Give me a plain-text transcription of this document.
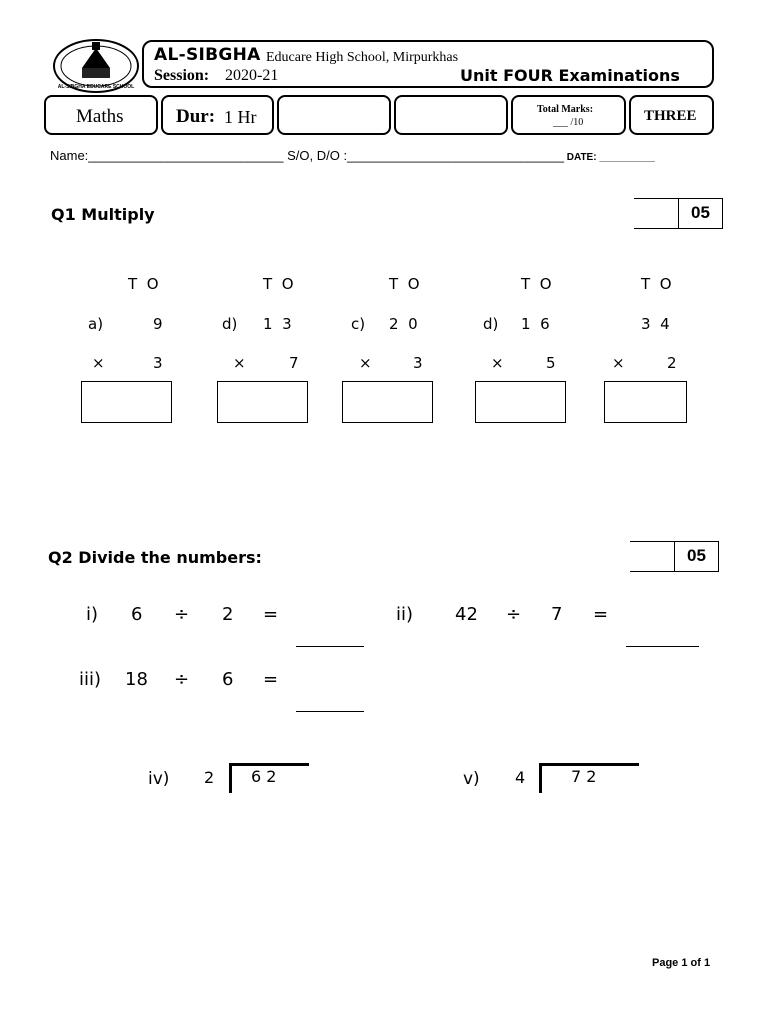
AL-SIBGHA EDUCARE SCHOOL
AL-SIBGHA Educare High School, Mirpurkhas
Session: 2020-21	Unit FOUR Examinations
Maths	Dur: 1 Hr	Total Marks:
___ /10	THREE
Name:___________________________ S/O, D/O :______________________________ DATE: __________
Q1 Multiply	05
T  O
a)	9
×	3
T  O
d) 1  3
×	7
T  O
c) 2  0
×	3
T  O
d) 1  6
×	5
T  O
3  4
×	2
Q2 Divide the numbers:	05
i) 6 ÷ 2 =	ii) 42 ÷ 7 =
iii) 18 ÷ 6 =
iv) 2 6 2	v) 4	7 2
Page 1 of 1
